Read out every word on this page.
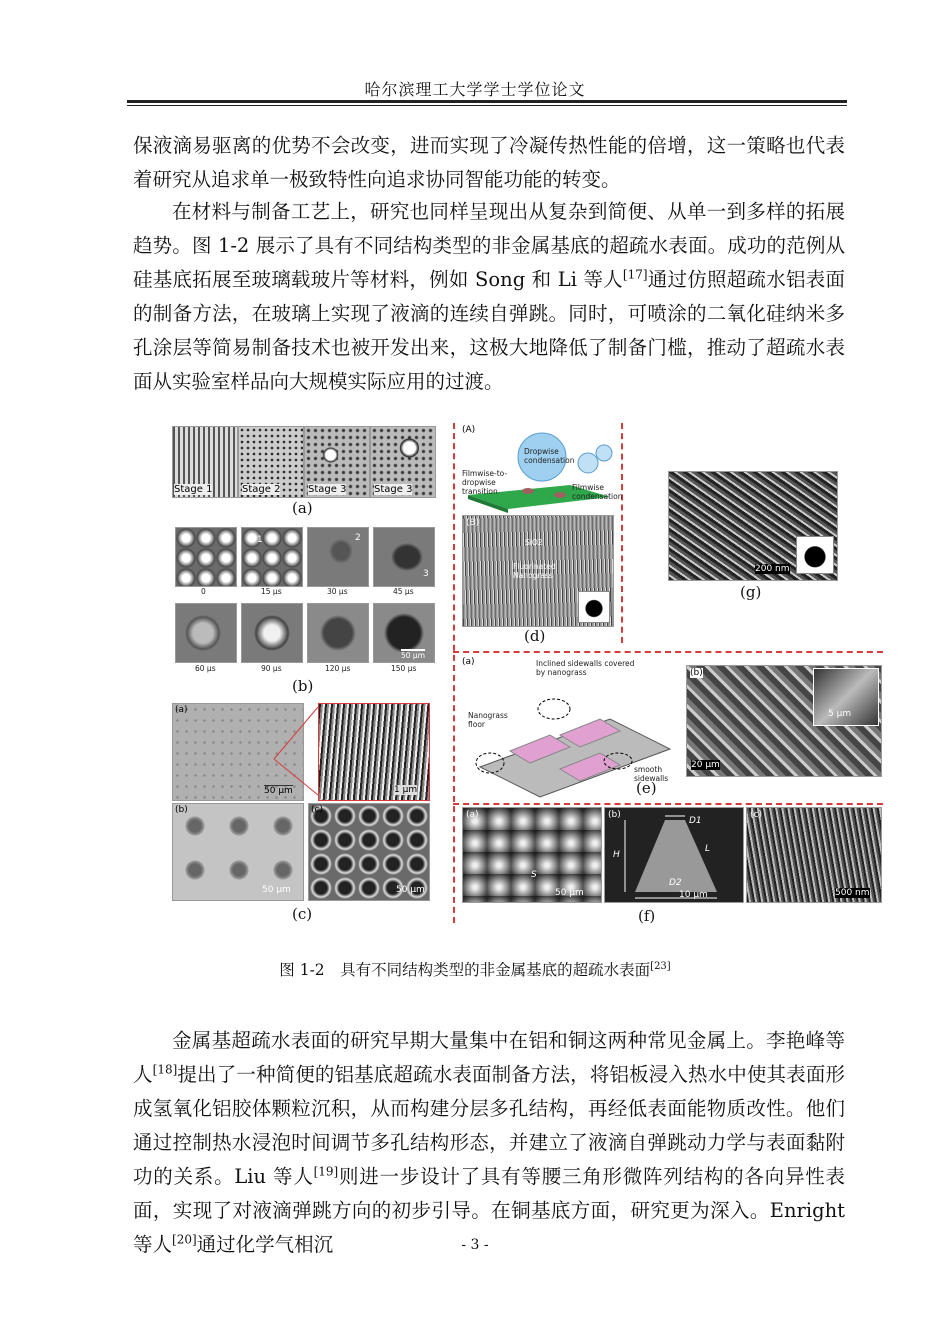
哈尔滨理工大学学士学位论文

保液滴易驱离的优势不会改变，进而实现了冷凝传热性能的倍增，这一策略也代表着研究从追求单一极致特性向追求协同智能功能的转变。

在材料与制备工艺上，研究也同样呈现出从复杂到简便、从单一到多样的拓展趋势。图 1-2 展示了具有不同结构类型的非金属基底的超疏水表面。成功的范例从硅基底拓展至玻璃载玻片等材料，例如 Song 和 Li 等人[17]通过仿照超疏水铝表面的制备方法，在玻璃上实现了液滴的连续自弹跳。同时，可喷涂的二氧化硅纳米多孔涂层等简易制备技术也被开发出来，这极大地降低了制备门槛，推动了超疏水表面从实验室样品向大规模实际应用的过渡。

Stage 1	Stage 2	Stage 3	Stage 3
(a)
1	2
3
0	15 μs	30 μs	45 μs
60 μs	90 μs	120 μs	150 μs
50 μm
(b)
(a)
(b)	(c)
50 μm	1 μm
50 μm	50 μm
(c)
(A)
Dropwise condensation
Filmwise-to-dropwise transition	Filmwise condensation
(B)
SiO2
Fluorinated Nanograss
(d)
200 nm
(g)
(a)	Inclined sidewalls covered by nanograss
Nanograss floor
smooth sidewalls
(b)
5 μm
20 μm
(e)
(a)
S
50 μm
(b)
H
D1
L
D2
10 μm
(c)
500 nm
(f)
图 1-2　具有不同结构类型的非金属基底的超疏水表面[23]

金属基超疏水表面的研究早期大量集中在铝和铜这两种常见金属上。李艳峰等人[18]提出了一种简便的铝基底超疏水表面制备方法，将铝板浸入热水中使其表面形成氢氧化铝胶体颗粒沉积，从而构建分层多孔结构，再经低表面能物质改性。他们通过控制热水浸泡时间调节多孔结构形态，并建立了液滴自弹跳动力学与表面黏附功的关系。Liu 等人[19]则进一步设计了具有等腰三角形微阵列结构的各向异性表面，实现了对液滴弹跳方向的初步引导。在铜基底方面，研究更为深入。Enright 等人[20]通过化学气相沉	- 3 -
